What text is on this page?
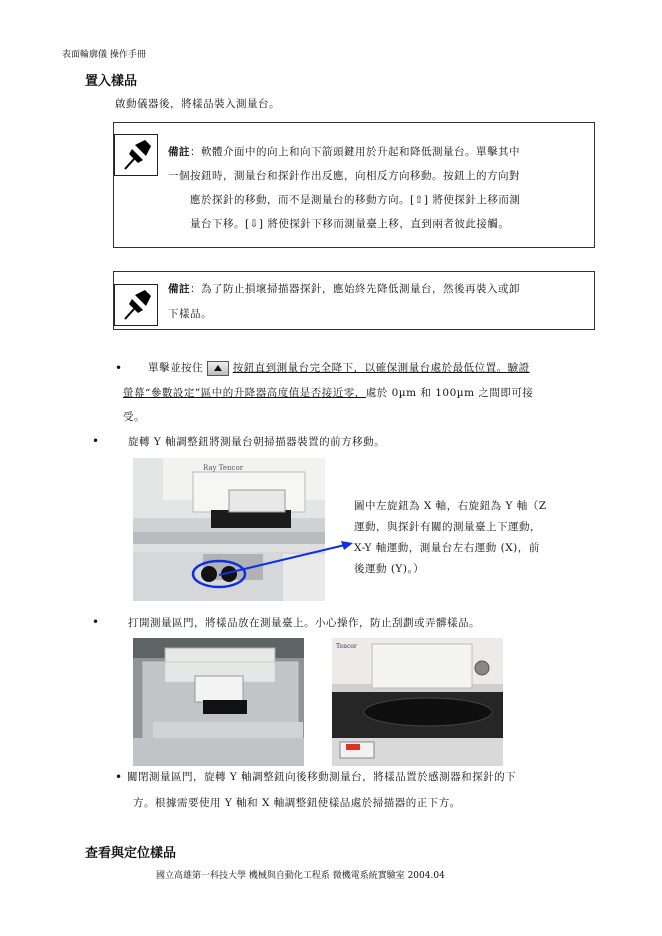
表面輪廓儀 操作手冊
置入樣品
啟動儀器後，將樣品裝入測量台。
備註：軟體介面中的向上和向下箭頭鍵用於升起和降低測量台。單擊其中
一個按鈕時，測量台和探針作出反應，向相反方向移動。按鈕上的方向對
應於探針的移動，而不是測量台的移動方向。[⇧] 將使探針上移而測
量台下移。[⇩] 將使探針下移而測量臺上移，直到兩者彼此接觸。
備註：為了防止損壞掃描器探針，應始終先降低測量台，然後再裝入或卸
下樣品。
• 單擊並按住	按鈕直到測量台完全降下，以確保測量台處於最低位置。驗證
螢幕“參數設定”區中的升降器高度值是否接近零，處於 0µm 和 100µm 之間即可接
受。
•	旋轉 Y 軸調整鈕將測量台朝掃描器裝置的前方移動。
Ray Tencor
圖中左旋鈕為 X 軸，右旋鈕為 Y 軸（Z
運動，與探針有關的測量臺上下運動，
X-Y 軸運動，測量台左右運動 (X)，前
後運動 (Y)。）
•	打開測量區門，將樣品放在測量臺上。小心操作，防止刮劃或弄髒樣品。
Tencor
• 關閉測量區門，旋轉 Y 軸調整鈕向後移動測量台，將樣品置於感測器和探針的下
方。根據需要使用 Y 軸和 X 軸調整鈕使樣品處於掃描器的正下方。
查看與定位樣品
國立高雄第一科技大學 機械與自動化工程系 微機電系統實驗室 2004.04
